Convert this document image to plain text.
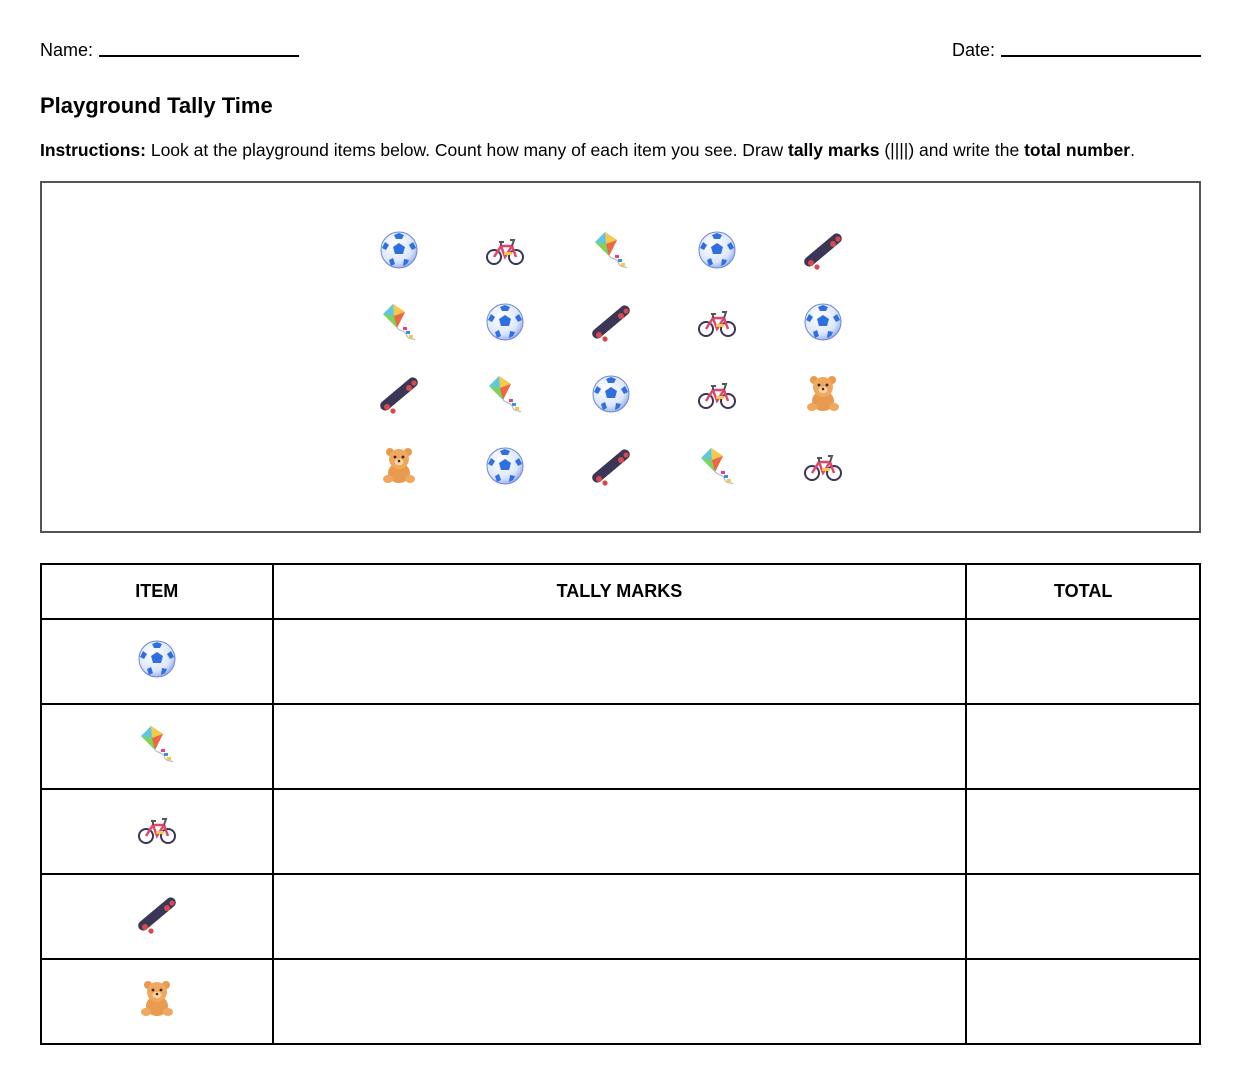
Name:	Date:
Playground Tally Time

Instructions: Look at the playground items below. Count how many of each item you see. Draw tally marks (||||) and write the total number.

ITEM	TALLY MARKS	TOTAL
